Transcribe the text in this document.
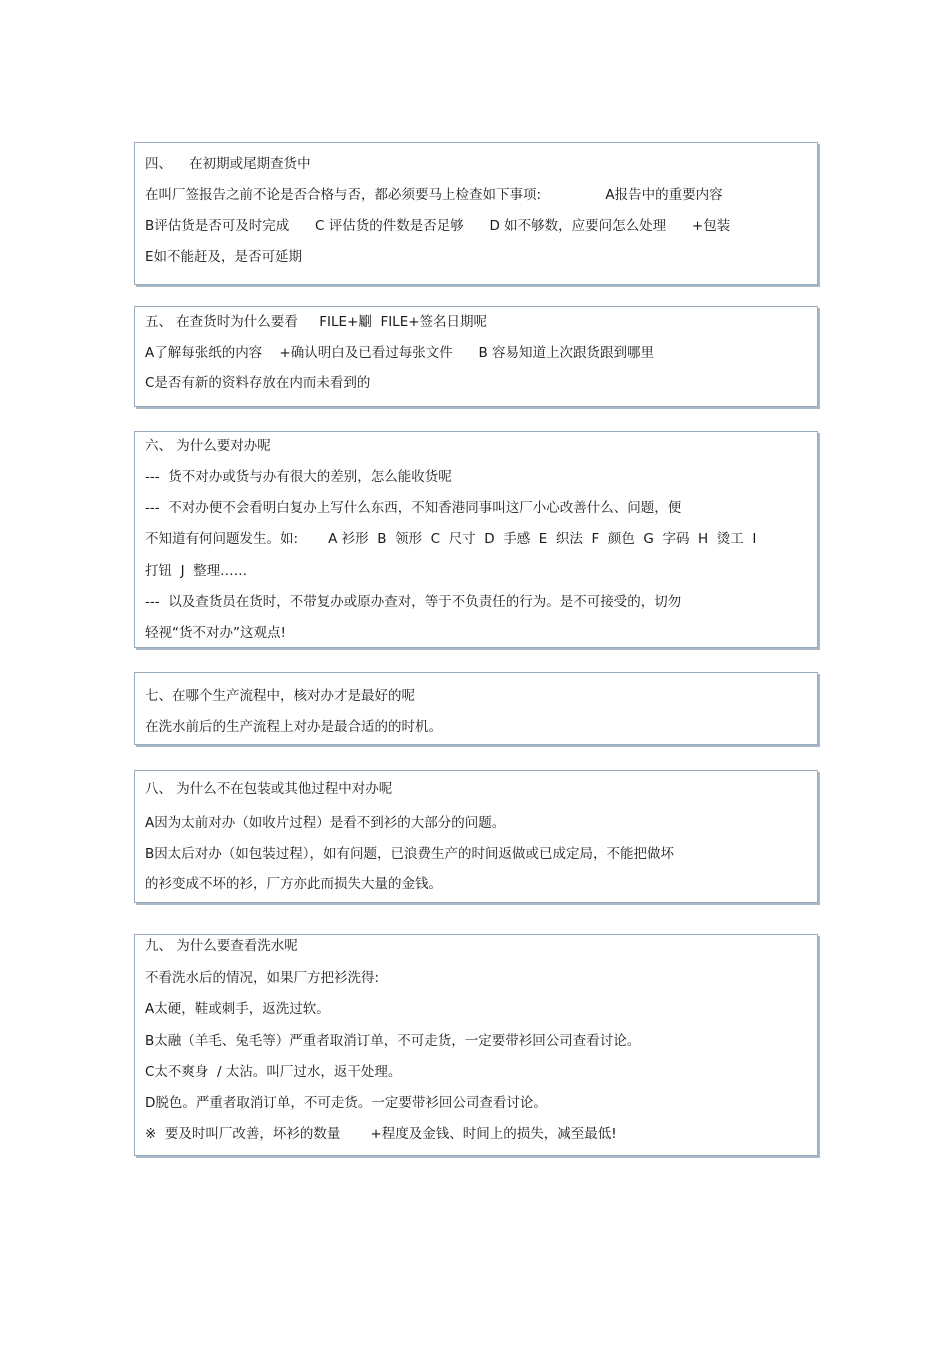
四、    在初期或尾期查货中
在叫厂签报告之前不论是否合格与否，都必须要马上检查如下事项:               A报告中的重要内容
B评估货是否可及时完成      C 评估货的件数是否足够      D 如不够数，应要问怎么处理      +包装
E如不能赶及，是否可延期
五、 在查货时为什么要看     FILE+劚  FILE+签名日期呢
A了解每张纸的内容    +确认明白及已看过每张文件      B 容易知道上次跟货跟到哪里
C是否有新的资料存放在内而未看到的
六、 为什么要对办呢
---  货不对办或货与办有很大的差别，怎么能收货呢
---  不对办便不会看明白复办上写什么东西，不知香港同事叫这厂小心改善什么、问题，便
不知道有何问题发生。如:       A 衫形  B  领形  C  尺寸  D  手感  E  织法  F  颜色  G  字码  H  烫工  I
打钮  J  整理……
---  以及查货员在货时，不带复办或原办查对，等于不负责任的行为。是不可接受的，切勿
轻视“货不对办”这观点!
七、在哪个生产流程中，核对办才是最好的呢
在洗水前后的生产流程上对办是最合适的的时机。
八、 为什么不在包装或其他过程中对办呢
A因为太前对办（如收片过程）是看不到衫的大部分的问题。
B因太后对办（如包装过程），如有问题，已浪费生产的时间返做或已成定局，不能把做坏
的衫变成不坏的衫，厂方亦此而损失大量的金钱。
九、 为什么要查看洗水呢
不看洗水后的情况，如果厂方把衫洗得:
A太硬，鞋或刺手，返洗过软。
B太融（羊毛、兔毛等）严重者取消订单，不可走货，一定要带衫回公司查看讨论。
C太不爽身  / 太沾。叫厂过水，返干处理。
D脱色。严重者取消订单，不可走货。一定要带衫回公司查看讨论。
※  要及时叫厂改善，坏衫的数量       +程度及金钱、时间上的损失，减至最低!
